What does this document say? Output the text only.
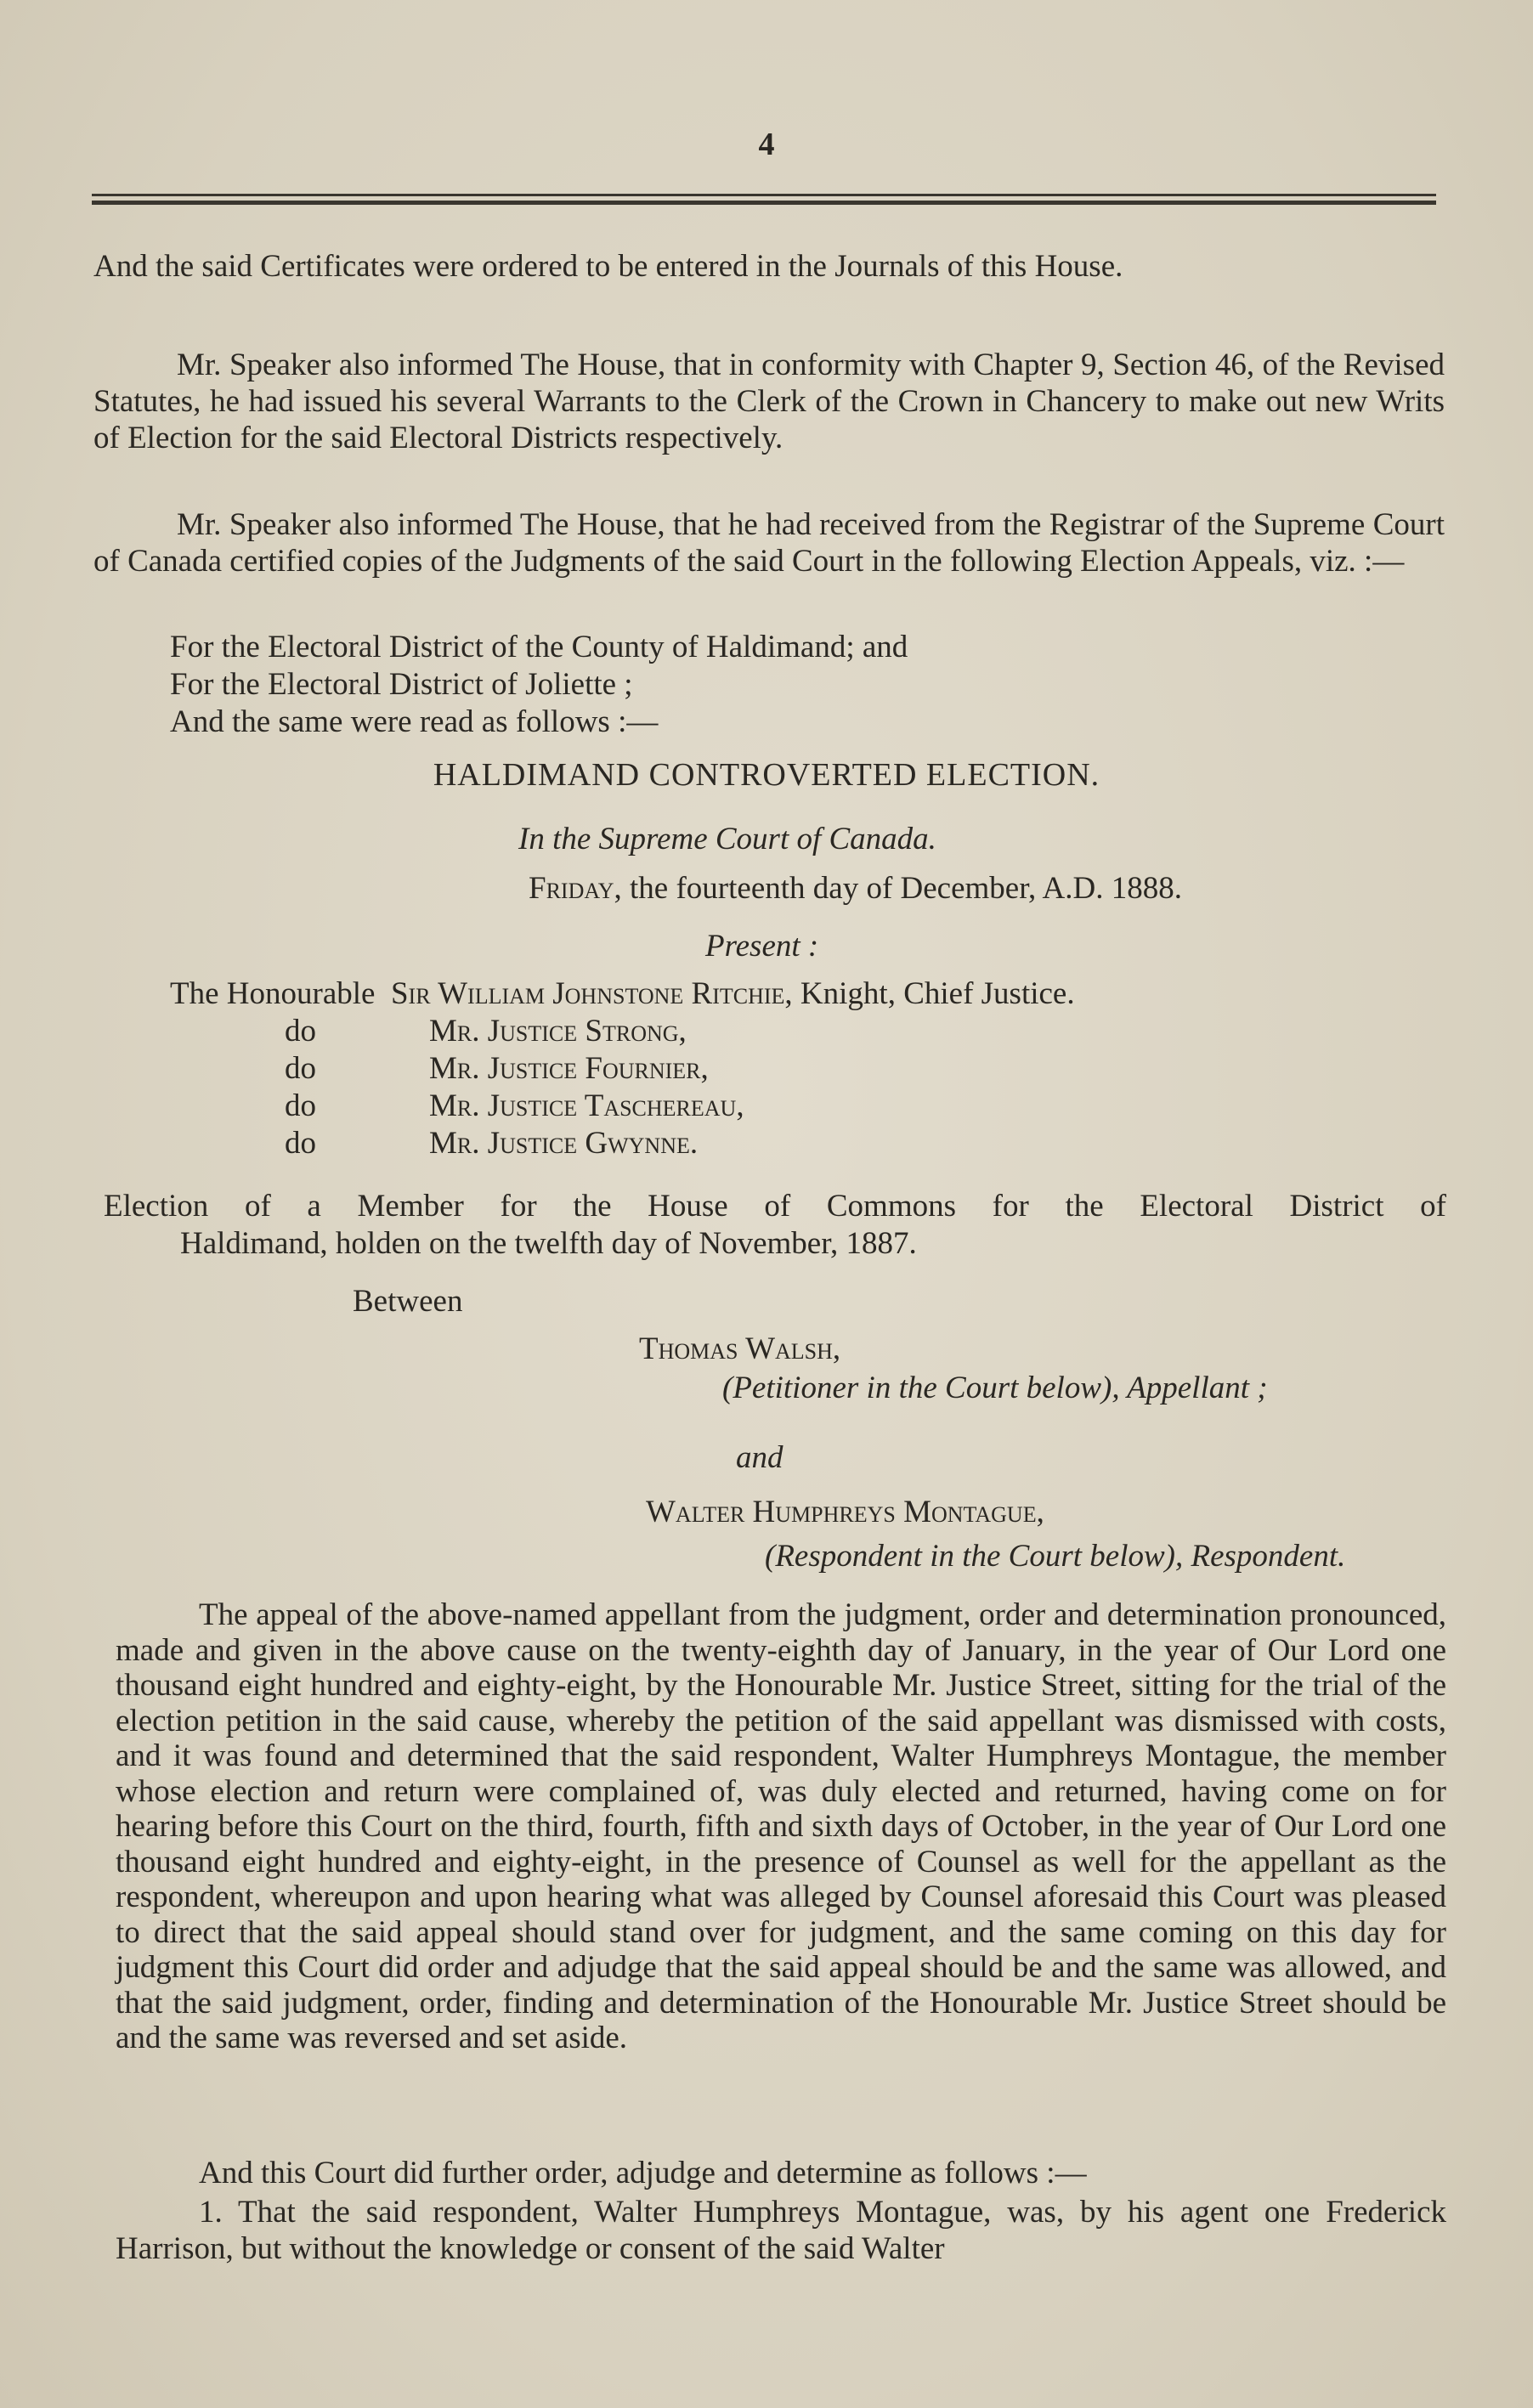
4

And the said Certificates were ordered to be entered in the Journals of this House.

Mr. Speaker also informed The House, that in conformity with Chapter 9, Section 46, of the Revised Statutes, he had issued his several Warrants to the Clerk of the Crown in Chancery to make out new Writs of Election for the said Electoral Districts respectively.

Mr. Speaker also informed The House, that he had received from the Registrar of the Supreme Court of Canada certified copies of the Judgments of the said Court in the following Election Appeals, viz. :—

For the Electoral District of the County of Haldimand; and
For the Electoral District of Joliette ;
And the same were read as follows :—
HALDIMAND CONTROVERTED ELECTION.
In the Supreme Court of Canada.
Friday, the fourteenth day of December, A.D. 1888.
Present :
The Honourable Sir William Johnstone Ritchie, Knight, Chief Justice.
do	Mr. Justice Strong,
do	Mr. Justice Fournier,
do	Mr. Justice Taschereau,
do	Mr. Justice Gwynne.
Election of a Member for the House of Commons for the Electoral District of
Haldimand, holden on the twelfth day of November, 1887.
Between
Thomas Walsh,
(Petitioner in the Court below), Appellant ;
and
Walter Humphreys Montague,
(Respondent in the Court below), Respondent.

The appeal of the above-named appellant from the judgment, order and determination pronounced, made and given in the above cause on the twenty-eighth day of January, in the year of Our Lord one thousand eight hundred and eighty-eight, by the Honourable Mr. Justice Street, sitting for the trial of the election petition in the said cause, whereby the petition of the said appellant was dismissed with costs, and it was found and determined that the said respondent, Walter Humphreys Montague, the member whose election and return were complained of, was duly elected and returned, having come on for hearing before this Court on the third, fourth, fifth and sixth days of October, in the year of Our Lord one thousand eight hundred and eighty-eight, in the presence of Counsel as well for the appellant as the respondent, whereupon and upon hearing what was alleged by Counsel aforesaid this Court was pleased to direct that the said appeal should stand over for judgment, and the same coming on this day for judgment this Court did order and adjudge that the said appeal should be and the same was allowed, and that the said judgment, order, finding and determination of the Honourable Mr. Justice Street should be and the same was reversed and set aside.

And this Court did further order, adjudge and determine as follows :—

1. That the said respondent, Walter Humphreys Montague, was, by his agent one Frederick Harrison, but without the knowledge or consent of the said Walter
